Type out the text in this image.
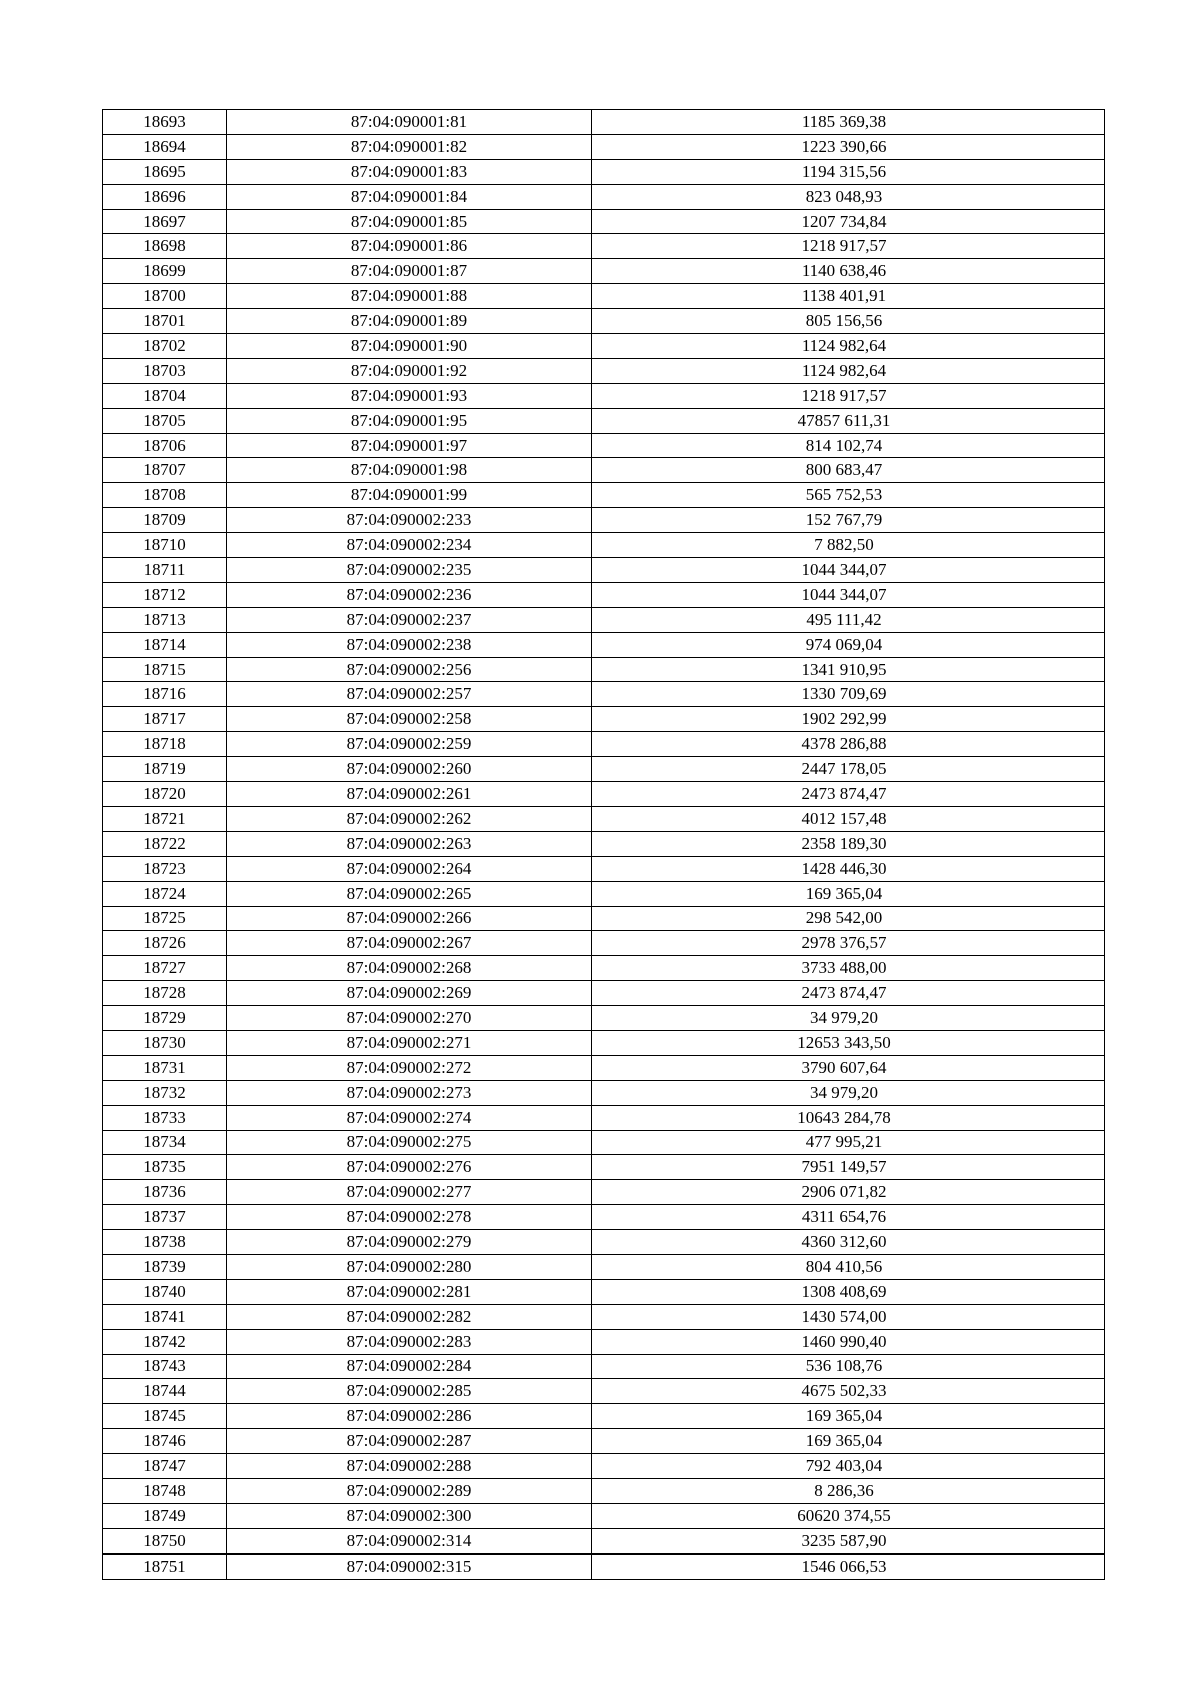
18693	87:04:090001:81	1185 369,38
18694	87:04:090001:82	1223 390,66
18695	87:04:090001:83	1194 315,56
18696	87:04:090001:84	823 048,93
18697	87:04:090001:85	1207 734,84
18698	87:04:090001:86	1218 917,57
18699	87:04:090001:87	1140 638,46
18700	87:04:090001:88	1138 401,91
18701	87:04:090001:89	805 156,56
18702	87:04:090001:90	1124 982,64
18703	87:04:090001:92	1124 982,64
18704	87:04:090001:93	1218 917,57
18705	87:04:090001:95	47857 611,31
18706	87:04:090001:97	814 102,74
18707	87:04:090001:98	800 683,47
18708	87:04:090001:99	565 752,53
18709	87:04:090002:233	152 767,79
18710	87:04:090002:234	7 882,50
18711	87:04:090002:235	1044 344,07
18712	87:04:090002:236	1044 344,07
18713	87:04:090002:237	495 111,42
18714	87:04:090002:238	974 069,04
18715	87:04:090002:256	1341 910,95
18716	87:04:090002:257	1330 709,69
18717	87:04:090002:258	1902 292,99
18718	87:04:090002:259	4378 286,88
18719	87:04:090002:260	2447 178,05
18720	87:04:090002:261	2473 874,47
18721	87:04:090002:262	4012 157,48
18722	87:04:090002:263	2358 189,30
18723	87:04:090002:264	1428 446,30
18724	87:04:090002:265	169 365,04
18725	87:04:090002:266	298 542,00
18726	87:04:090002:267	2978 376,57
18727	87:04:090002:268	3733 488,00
18728	87:04:090002:269	2473 874,47
18729	87:04:090002:270	34 979,20
18730	87:04:090002:271	12653 343,50
18731	87:04:090002:272	3790 607,64
18732	87:04:090002:273	34 979,20
18733	87:04:090002:274	10643 284,78
18734	87:04:090002:275	477 995,21
18735	87:04:090002:276	7951 149,57
18736	87:04:090002:277	2906 071,82
18737	87:04:090002:278	4311 654,76
18738	87:04:090002:279	4360 312,60
18739	87:04:090002:280	804 410,56
18740	87:04:090002:281	1308 408,69
18741	87:04:090002:282	1430 574,00
18742	87:04:090002:283	1460 990,40
18743	87:04:090002:284	536 108,76
18744	87:04:090002:285	4675 502,33
18745	87:04:090002:286	169 365,04
18746	87:04:090002:287	169 365,04
18747	87:04:090002:288	792 403,04
18748	87:04:090002:289	8 286,36
18749	87:04:090002:300	60620 374,55
18750	87:04:090002:314	3235 587,90
18751	87:04:090002:315	1546 066,53
